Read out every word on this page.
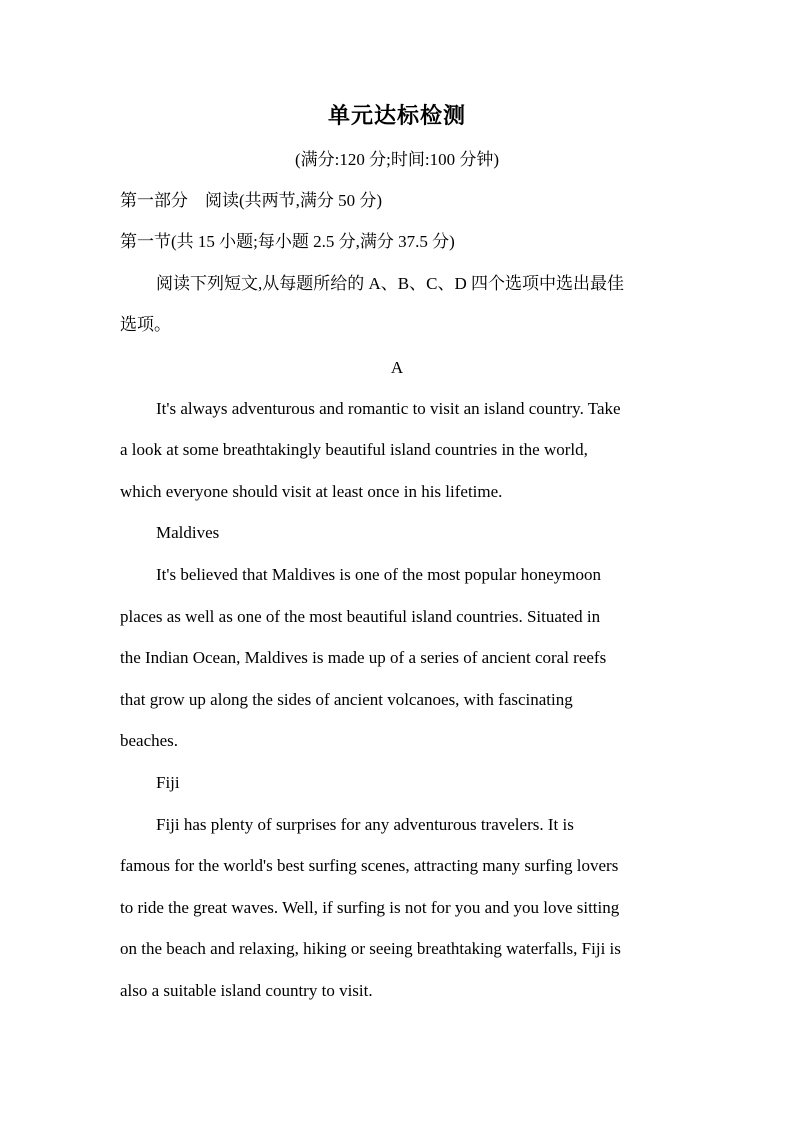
单元达标检测
(满分:120 分;时间:100 分钟)
第一部分　阅读(共两节,满分 50 分)
第一节(共 15 小题;每小题 2.5 分,满分 37.5 分)
阅读下列短文,从每题所给的 A、B、C、D 四个选项中选出最佳
选项。
A
It's always adventurous and romantic to visit an island country. Take
a look at some breathtakingly beautiful island countries in the world,
which everyone should visit at least once in his lifetime.
Maldives
It's believed that Maldives is one of the most popular honeymoon
places as well as one of the most beautiful island countries. Situated in
the Indian Ocean, Maldives is made up of a series of ancient coral reefs
that grow up along the sides of ancient volcanoes, with fascinating
beaches.
Fiji
Fiji has plenty of surprises for any adventurous travelers. It is
famous for the world's best surfing scenes, attracting many surfing lovers
to ride the great waves. Well, if surfing is not for you and you love sitting
on the beach and relaxing, hiking or seeing breathtaking waterfalls, Fiji is
also a suitable island country to visit.
